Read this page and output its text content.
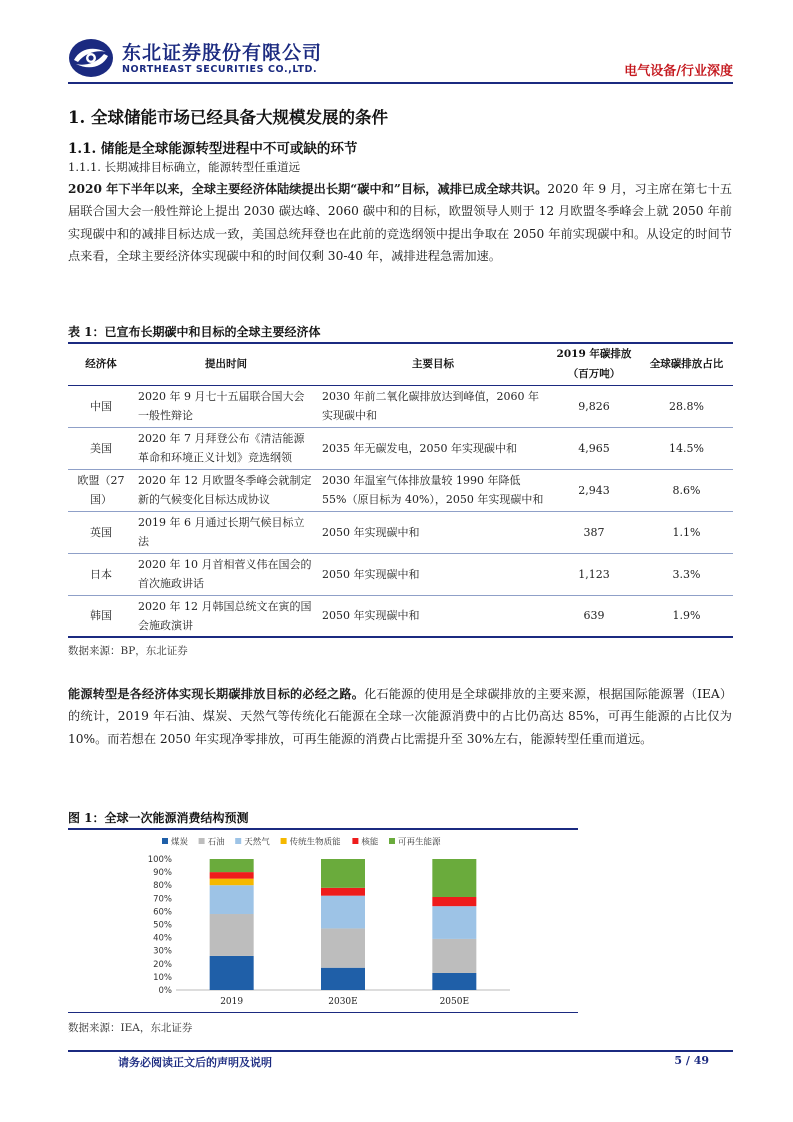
东北证券股份有限公司
NORTHEAST SECURITIES CO.,LTD.	电气设备/行业深度
1. 全球储能市场已经具备大规模发展的条件
1.1. 储能是全球能源转型进程中不可或缺的环节
1.1.1. 长期减排目标确立，能源转型任重道远
2020 年下半年以来，全球主要经济体陆续提出长期“碳中和”目标，减排已成全球共识。2020 年 9 月，习主席在第七十五届联合国大会一般性辩论上提出 2030 碳达峰、2060 碳中和的目标，欧盟领导人则于 12 月欧盟冬季峰会上就 2050 年前实现碳中和的减排目标达成一致，美国总统拜登也在此前的竞选纲领中提出争取在 2050 年前实现碳中和。从设定的时间节点来看，全球主要经济体实现碳中和的时间仅剩 30-40 年，减排进程急需加速。
表 1：已宣布长期碳中和目标的全球主要经济体
经济体	提出时间	主要目标	2019 年碳排放（百万吨）	全球碳排放占比
中国	2020 年 9 月七十五届联合国大会一般性辩论	2030 年前二氧化碳排放达到峰值，2060 年实现碳中和	9,826	28.8%
美国	2020 年 7 月拜登公布《清洁能源革命和环境正义计划》竞选纲领	2035 年无碳发电，2050 年实现碳中和	4,965	14.5%
欧盟（27 国）	2020 年 12 月欧盟冬季峰会就制定新的气候变化目标达成协议	2030 年温室气体排放量较 1990 年降低 55%（原目标为 40%），2050 年实现碳中和	2,943	8.6%
英国	2019 年 6 月通过长期气候目标立法	2050 年实现碳中和	387	1.1%
日本	2020 年 10 月首相菅义伟在国会的首次施政讲话	2050 年实现碳中和	1,123	3.3%
韩国	2020 年 12 月韩国总统文在寅的国会施政演讲	2050 年实现碳中和	639	1.9%
数据来源：BP，东北证券
能源转型是各经济体实现长期碳排放目标的必经之路。化石能源的使用是全球碳排放的主要来源，根据国际能源署（IEA）的统计，2019 年石油、煤炭、天然气等传统化石能源在全球一次能源消费中的占比仍高达 85%，可再生能源的占比仅为 10%。而若想在 2050 年实现净零排放，可再生能源的消费占比需提升至 30%左右，能源转型任重而道远。
图 1：全球一次能源消费结构预测
煤炭 石油 天然气 传统生物质能 核能 可再生能源
0%
10%
20%
30%
40%
50%
60%
70%
80%
90%
100%
2019	2030E	2050E
数据来源：IEA，东北证券
请务必阅读正文后的声明及说明	5 / 49
